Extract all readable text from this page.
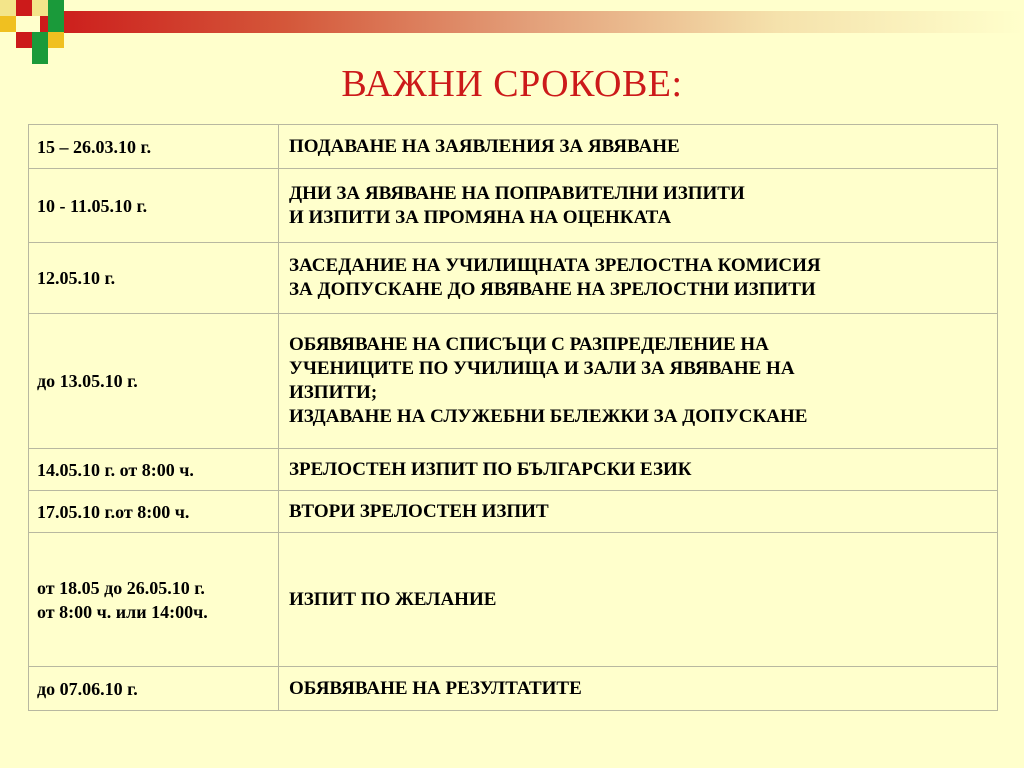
ВАЖНИ СРОКОВЕ:
15 – 26.03.10 г.	ПОДАВАНЕ НА ЗАЯВЛЕНИЯ ЗА ЯВЯВАНЕ
10 - 11.05.10 г.	ДНИ ЗА ЯВЯВАНЕ НА ПОПРАВИТЕЛНИ ИЗПИТИ
И ИЗПИТИ ЗА ПРОМЯНА НА ОЦЕНКАТА
12.05.10 г.	ЗАСЕДАНИЕ НА УЧИЛИЩНАТА ЗРЕЛОСТНА КОМИСИЯ
ЗА ДОПУСКАНЕ ДО ЯВЯВАНЕ НА ЗРЕЛОСТНИ ИЗПИТИ
до 13.05.10 г.	ОБЯВЯВАНЕ НА СПИСЪЦИ С РАЗПРЕДЕЛЕНИЕ НА
УЧЕНИЦИТЕ ПО УЧИЛИЩА И ЗАЛИ ЗА ЯВЯВАНЕ НА
ИЗПИТИ;
ИЗДАВАНЕ НА СЛУЖЕБНИ БЕЛЕЖКИ ЗА ДОПУСКАНЕ
14.05.10 г. от 8:00 ч.	ЗРЕЛОСТЕН ИЗПИТ ПО БЪЛГАРСКИ ЕЗИК
17.05.10 г.от 8:00 ч.	ВТОРИ ЗРЕЛОСТЕН ИЗПИТ
от 18.05 до 26.05.10 г.
от 8:00 ч. или 14:00ч.	ИЗПИТ ПО ЖЕЛАНИЕ
до 07.06.10 г.	ОБЯВЯВАНЕ НА РЕЗУЛТАТИТЕ
